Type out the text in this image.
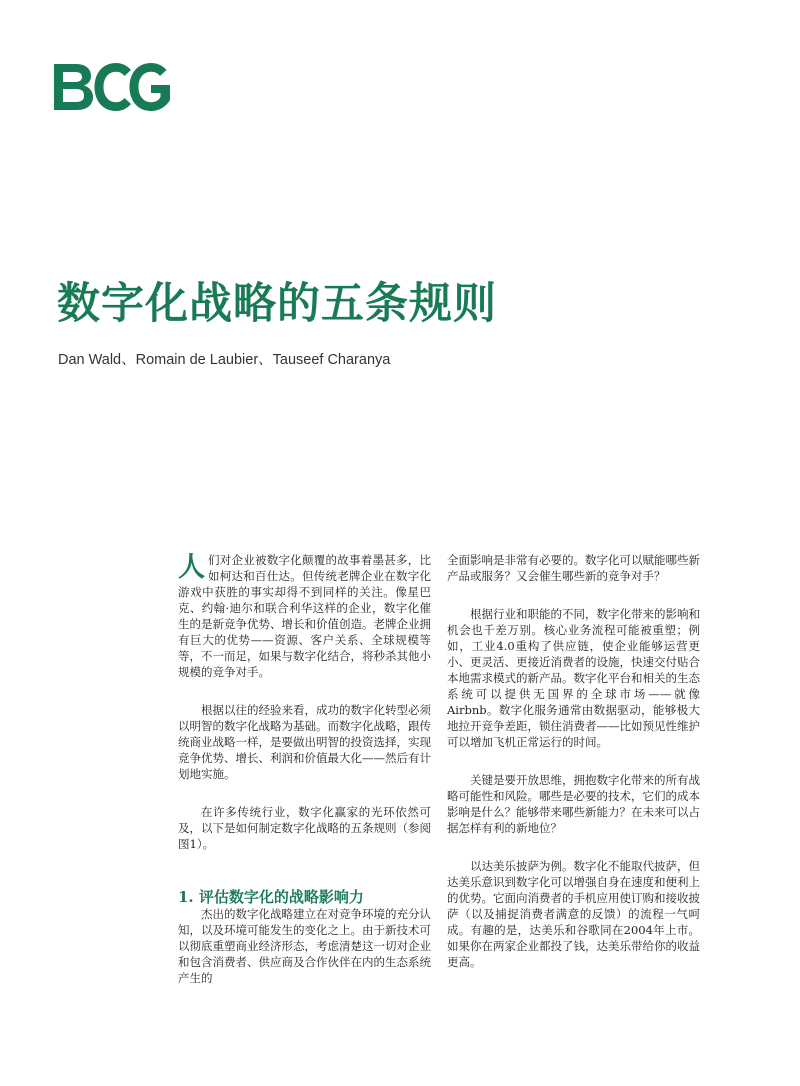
数字化战略的五条规则
Dan Wald、Romain de Laubier、Tauseef Charanya

人们对企业被数字化颠覆的故事着墨甚多，比如柯达和百仕达。但传统老牌企业在数字化游戏中获胜的事实却得不到同样的关注。像星巴克、约翰·迪尔和联合利华这样的企业，数字化催生的是新竞争优势、增长和价值创造。老牌企业拥有巨大的优势——资源、客户关系、全球规模等等，不一而足，如果与数字化结合，将秒杀其他小规模的竞争对手。

根据以往的经验来看，成功的数字化转型必须以明智的数字化战略为基础。而数字化战略，跟传统商业战略一样，是要做出明智的投资选择，实现竞争优势、增长、利润和价值最大化——然后有计划地实施。

在许多传统行业，数字化赢家的光环依然可及，以下是如何制定数字化战略的五条规则（参阅图1）。

1. 评估数字化的战略影响力

杰出的数字化战略建立在对竞争环境的充分认知，以及环境可能发生的变化之上。由于新技术可以彻底重塑商业经济形态，考虑清楚这一切对企业和包含消费者、供应商及合作伙伴在内的生态系统产生的

全面影响是非常有必要的。数字化可以赋能哪些新产品或服务？又会催生哪些新的竞争对手？

根据行业和职能的不同，数字化带来的影响和机会也千差万别。核心业务流程可能被重塑；例如，工业4.0重构了供应链，使企业能够运营更小、更灵活、更接近消费者的设施，快速交付贴合本地需求模式的新产品。数字化平台和相关的生态系统可以提供无国界的全球市场——就像Airbnb。数字化服务通常由数据驱动，能够极大地拉开竞争差距，锁住消费者——比如预见性维护可以增加飞机正常运行的时间。

关键是要开放思维，拥抱数字化带来的所有战略可能性和风险。哪些是必要的技术，它们的成本影响是什么？能够带来哪些新能力？在未来可以占据怎样有利的新地位？

以达美乐披萨为例。数字化不能取代披萨，但达美乐意识到数字化可以增强自身在速度和便利上的优势。它面向消费者的手机应用使订购和接收披萨（以及捕捉消费者满意的反馈）的流程一气呵成。有趣的是，达美乐和谷歌同在2004年上市。如果你在两家企业都投了钱，达美乐带给你的收益更高。
